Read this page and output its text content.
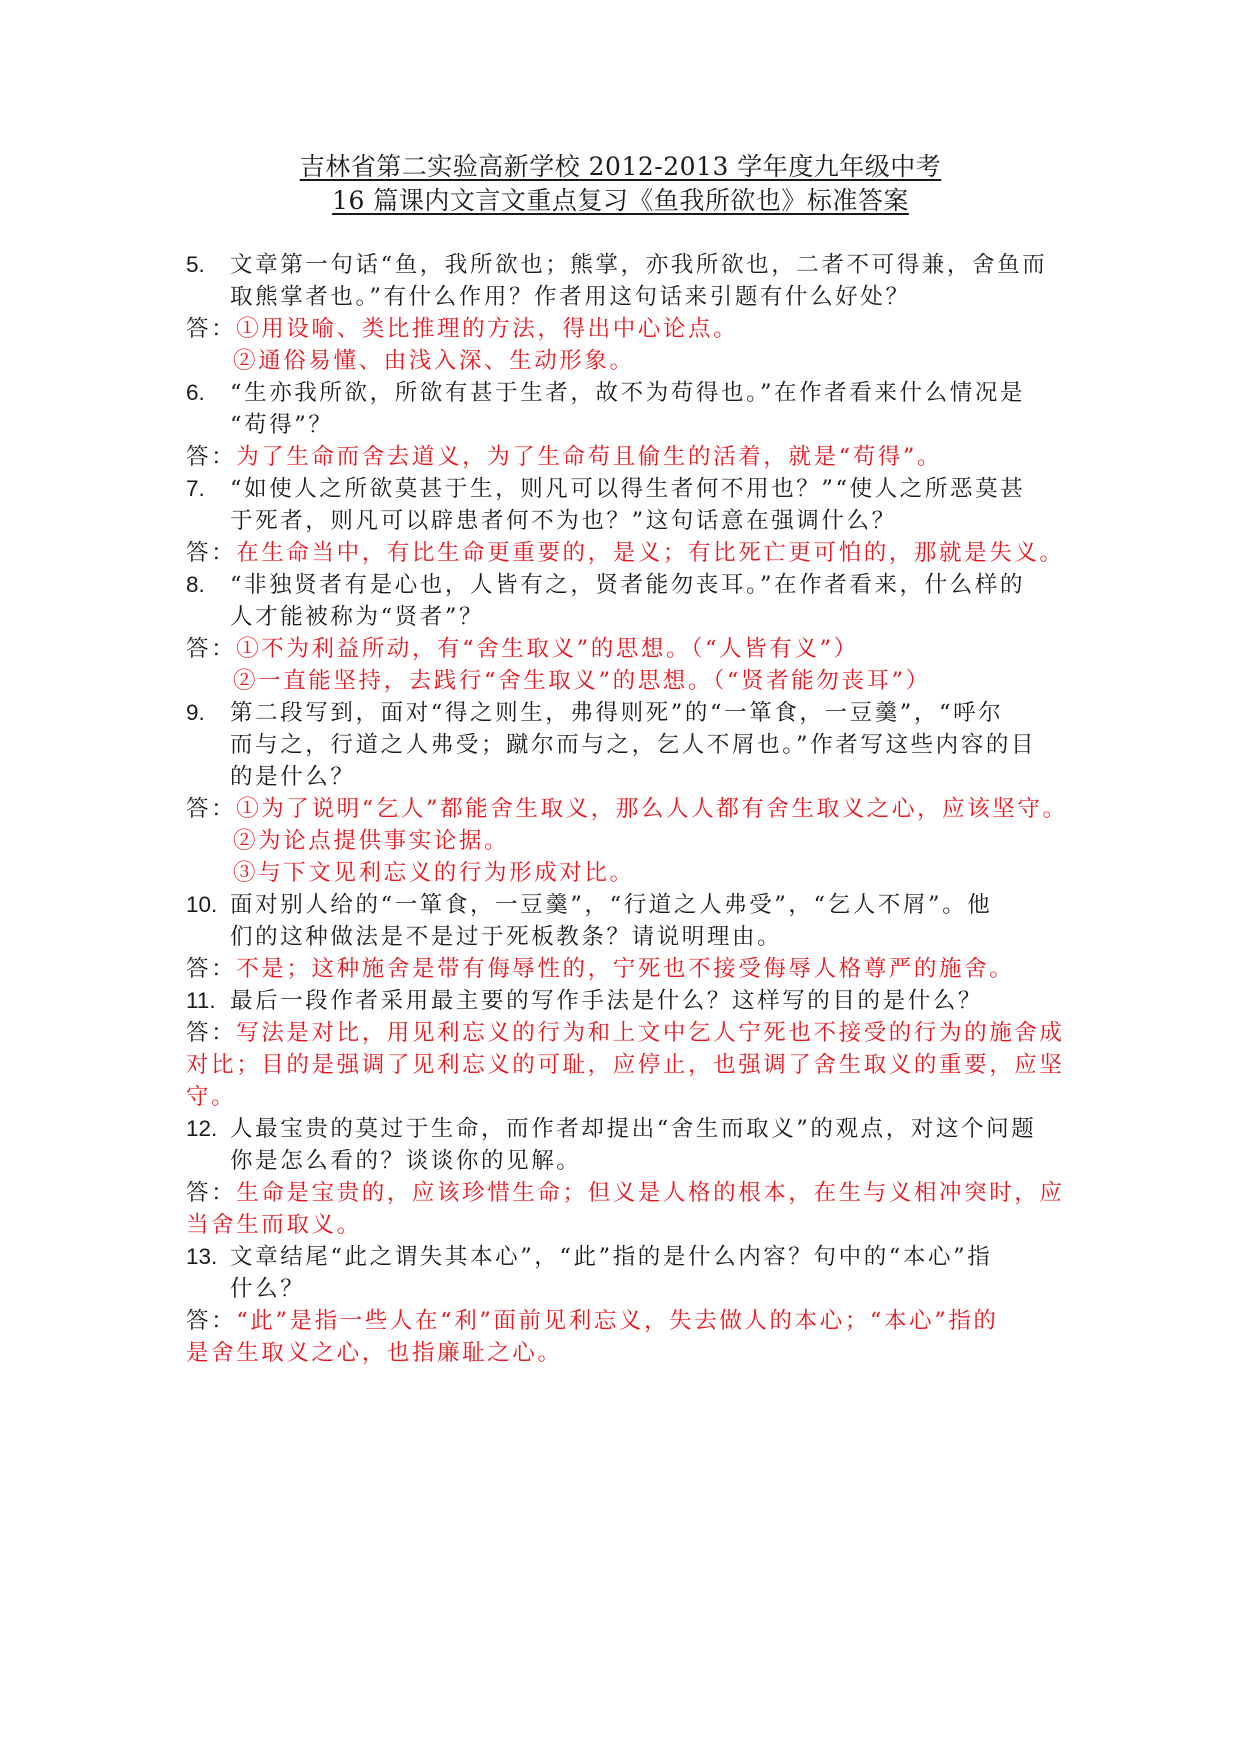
吉林省第二实验高新学校 2012-2013 学年度九年级中考
16 篇课内文言文重点复习《鱼我所欲也》标准答案
5. 文章第一句话“鱼，我所欲也；熊掌，亦我所欲也，二者不可得兼，舍鱼而
取熊掌者也。”有什么作用？作者用这句话来引题有什么好处？
答：①用设喻、类比推理的方法，得出中心论点。
②通俗易懂、由浅入深、生动形象。
6. “生亦我所欲，所欲有甚于生者，故不为苟得也。”在作者看来什么情况是
“苟得”？
答：为了生命而舍去道义，为了生命苟且偷生的活着，就是“苟得”。
7. “如使人之所欲莫甚于生，则凡可以得生者何不用也？”“使人之所恶莫甚
于死者，则凡可以辟患者何不为也？”这句话意在强调什么？
答：在生命当中，有比生命更重要的，是义；有比死亡更可怕的，那就是失义。
8. “非独贤者有是心也，人皆有之，贤者能勿丧耳。”在作者看来，什么样的
人才能被称为“贤者”？
答：①不为利益所动，有“舍生取义”的思想。（“人皆有义”）
②一直能坚持，去践行“舍生取义”的思想。（“贤者能勿丧耳”）
9. 第二段写到，面对“得之则生，弗得则死”的“一箪食，一豆羹”，“呼尔
而与之，行道之人弗受；蹴尔而与之，乞人不屑也。”作者写这些内容的目
的是什么？
答：①为了说明“乞人”都能舍生取义，那么人人都有舍生取义之心，应该坚守。
②为论点提供事实论据。
③与下文见利忘义的行为形成对比。
10. 面对别人给的“一箪食，一豆羹”，“行道之人弗受”，“乞人不屑”。他
们的这种做法是不是过于死板教条？请说明理由。
答：不是；这种施舍是带有侮辱性的，宁死也不接受侮辱人格尊严的施舍。
11. 最后一段作者采用最主要的写作手法是什么？这样写的目的是什么？
答：写法是对比，用见利忘义的行为和上文中乞人宁死也不接受的行为的施舍成
对比；目的是强调了见利忘义的可耻，应停止，也强调了舍生取义的重要，应坚
守。
12. 人最宝贵的莫过于生命，而作者却提出“舍生而取义”的观点，对这个问题
你是怎么看的？谈谈你的见解。
答：生命是宝贵的，应该珍惜生命；但义是人格的根本，在生与义相冲突时，应
当舍生而取义。
13. 文章结尾“此之谓失其本心”，“此”指的是什么内容？句中的“本心”指
什么？
答：“此”是指一些人在“利”面前见利忘义，失去做人的本心；“本心”指的
是舍生取义之心，也指廉耻之心。
